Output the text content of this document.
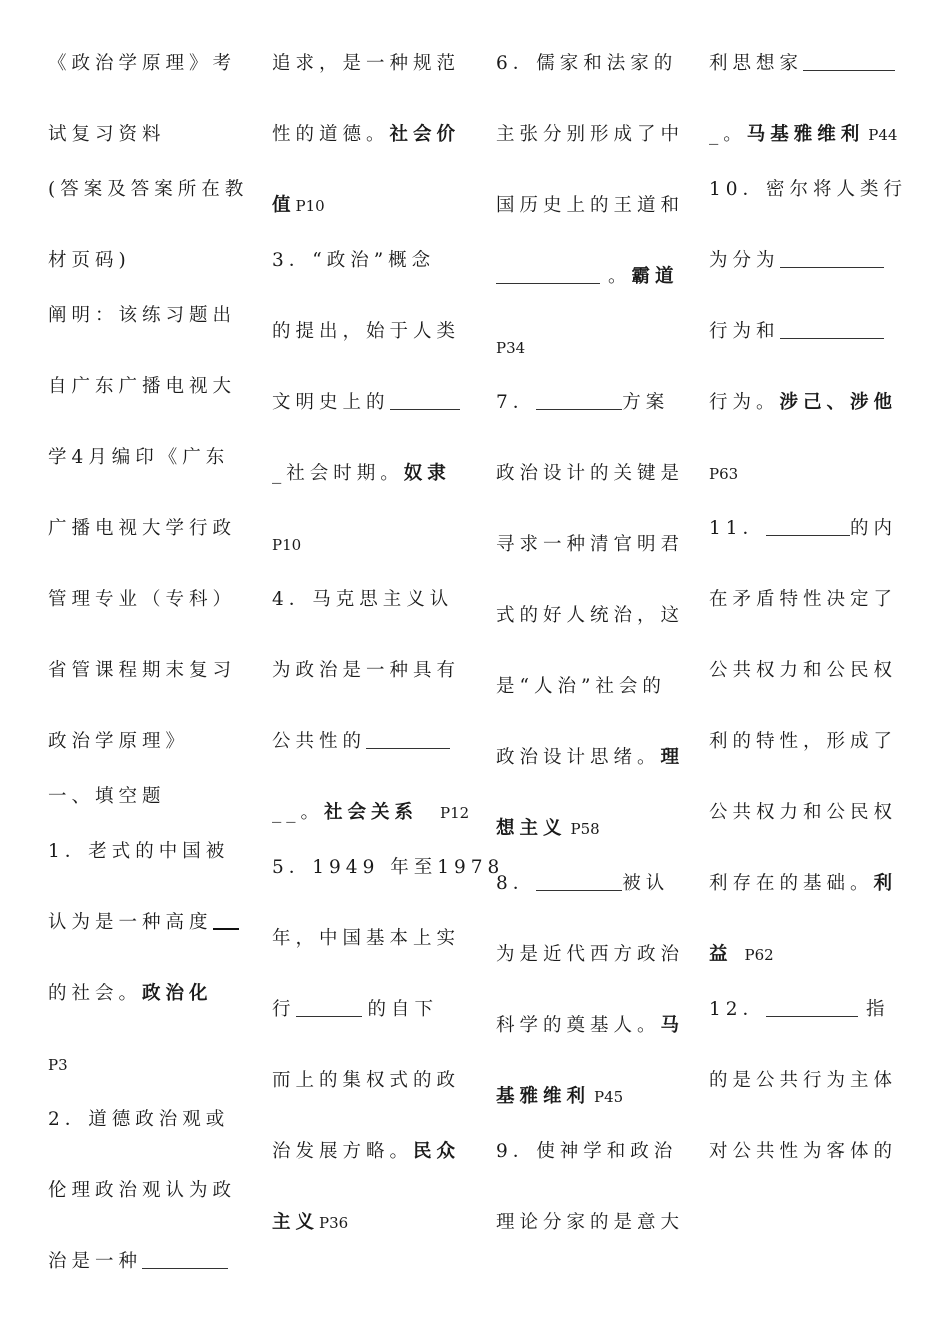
《政治学原理》考
试复习资料
(答案及答案所在教
材页码)
阐明：该练习题出
自广东广播电视大
学4月编印《广东
广播电视大学行政
管理专业（专科）
省管课程期末复习
政治学原理》
一、填空题
1．老式的中国被
认为是一种高度
的社会。政治化
P3
2．道德政治观或
伦理政治观认为政
治是一种
追求，是一种规范
性的道德。社会价
值P10
3．“政治”概念
的提出，始于人类
文明史上的
_社会时期。奴隶
P10
4．马克思主义认
为政治是一种具有
公共性的
__。社会关系 P12
5．1949 年至1978
年，中国基本上实
行	的自下
而上的集权式的政
治发展方略。民众
主义P36
6．儒家和法家的
主张分别形成了中
国历史上的王道和
。霸道
P34
7．	方案
政治设计的关键是
寻求一种清官明君
式的好人统治，这
是“人治”社会的
政治设计思绪。理
想主义 P58
8．	被认
为是近代西方政治
科学的奠基人。马
基雅维利 P45
9．使神学和政治
理论分家的是意大
利思想家
_。马基雅维利 P44
10．密尔将人类行
为分为
行为和
行为。涉己、涉他
P63
11．	的内
在矛盾特性决定了
公共权力和公民权
利的特性，形成了
公共权力和公民权
利存在的基础。利
益 P62
12．	指
的是公共行为主体
对公共性为客体的
